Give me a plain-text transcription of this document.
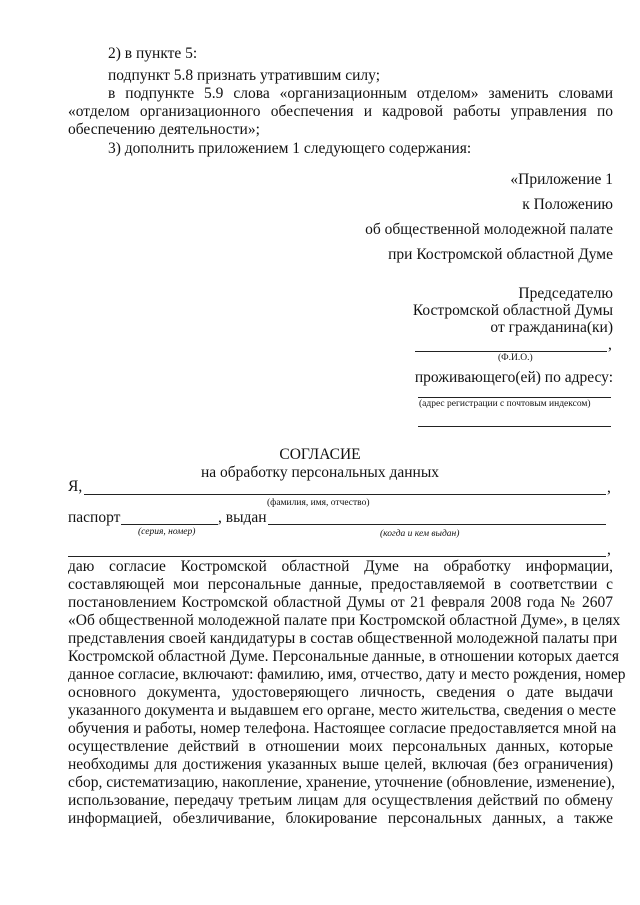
2) в пункте 5:
подпункт 5.8 признать утратившим силу;
в подпункте 5.9 слова «организационным отделом» заменить словами
«отделом организационного обеспечения и кадровой работы управления по
обеспечению деятельности»;
3) дополнить приложением 1 следующего содержания:
«Приложение 1
к Положению
об общественной молодежной палате
при Костромской областной Думе
Председателю
Костромской областной Думы
от гражданина(ки)
,
(Ф.И.О.)
проживающего(ей) по адресу:
(адрес регистрации с почтовым индексом)
СОГЛАСИЕ
на обработку персональных данных
Я,	,
(фамилия, имя, отчество)
паспорт	, выдан
(серия, номер)	(когда и кем выдан)
,
даю согласие Костромской областной Думе на обработку информации,
составляющей мои персональные данные, предоставляемой в соответствии с
постановлением Костромской областной Думы от 21 февраля 2008 года № 2607
«Об общественной молодежной палате при Костромской областной Думе», в целях
представления своей кандидатуры в состав общественной молодежной палаты при
Костромской областной Думе. Персональные данные, в отношении которых дается
данное согласие, включают: фамилию, имя, отчество, дату и место рождения, номер
основного документа, удостоверяющего личность, сведения о дате выдачи
указанного документа и выдавшем его органе, место жительства, сведения о месте
обучения и работы, номер телефона. Настоящее согласие предоставляется мной на
осуществление действий в отношении моих персональных данных, которые
необходимы для достижения указанных выше целей, включая (без ограничения)
сбор, систематизацию, накопление, хранение, уточнение (обновление, изменение),
использование, передачу третьим лицам для осуществления действий по обмену
информацией, обезличивание, блокирование персональных данных, а также
